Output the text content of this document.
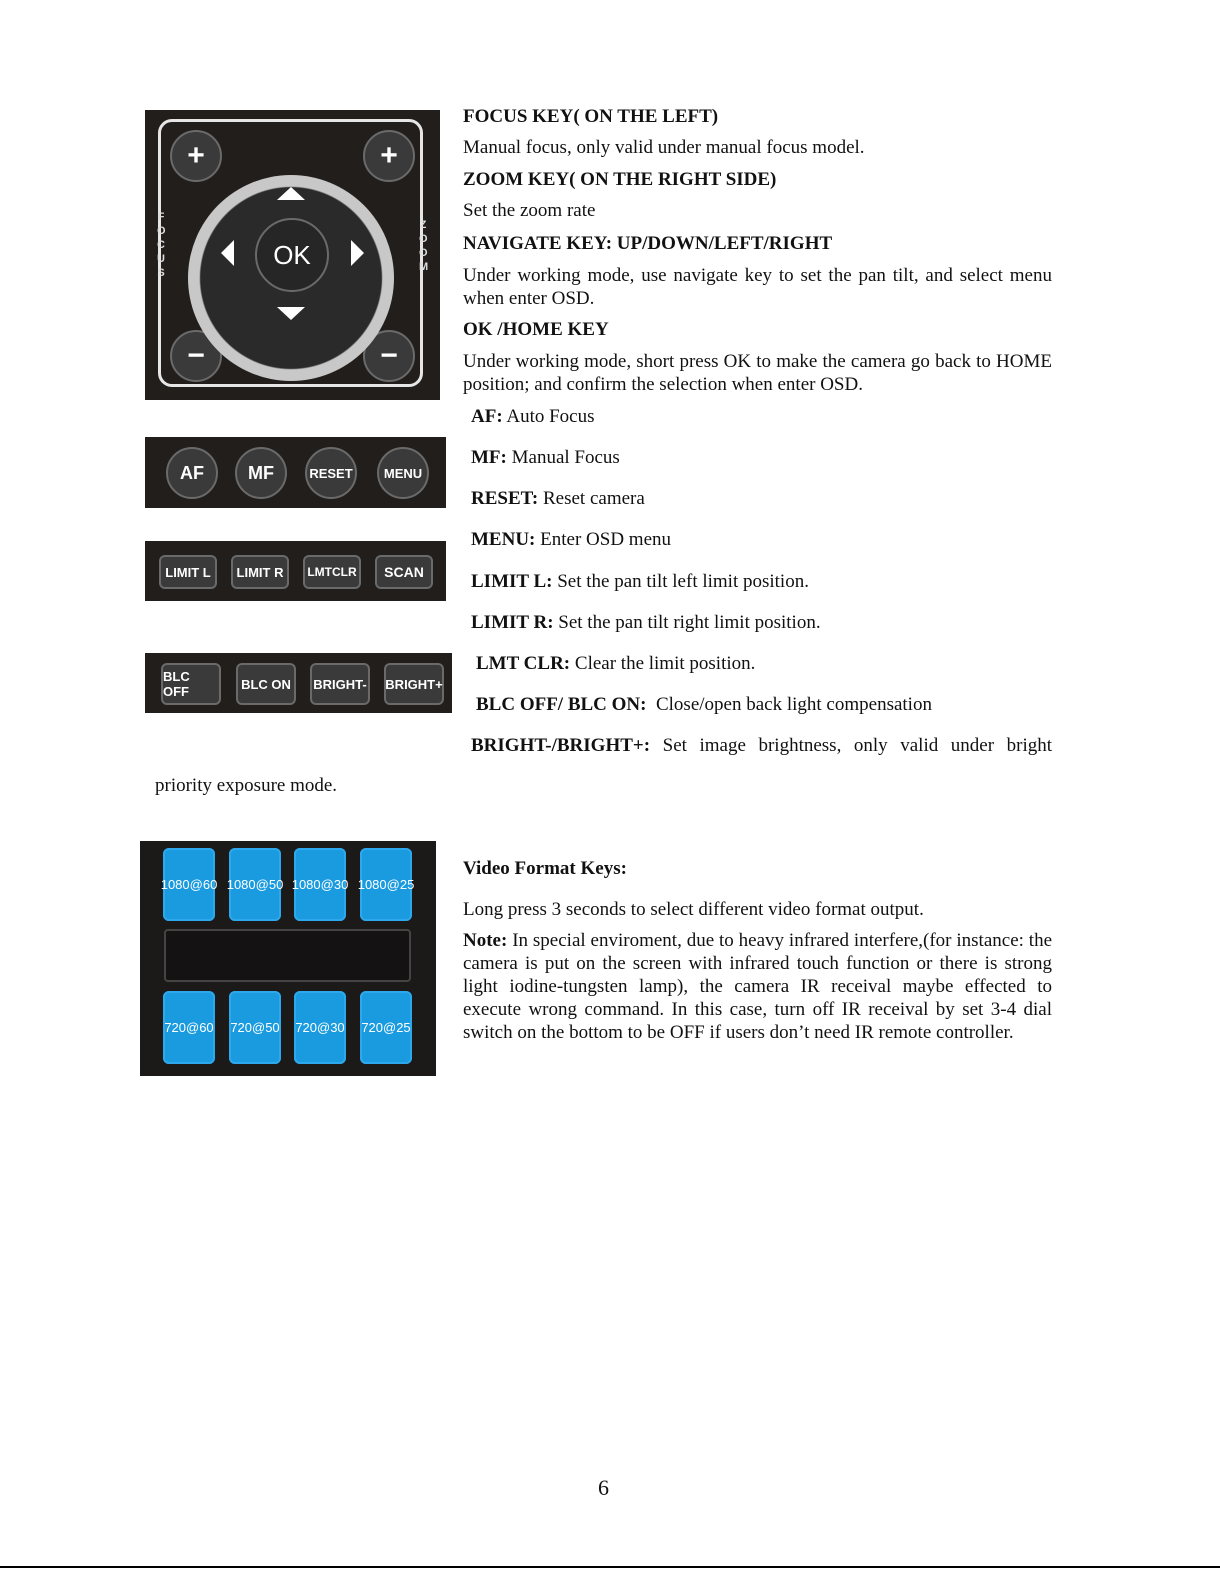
+	+
−	−
FOCUS
ZOOM
OK
AF	MF	RESET	MENU
LIMIT L	LIMIT R	LMTCLR	SCAN
BLC OFF	BLC ON	BRIGHT- BRIGHT+
1080@60 1080@50 1080@30 1080@25
720@60 720@50 720@30 720@25
FOCUS KEY( ON THE LEFT)
Manual focus, only valid under manual focus model.
ZOOM KEY( ON THE RIGHT SIDE)
Set the zoom rate
NAVIGATE KEY: UP/DOWN/LEFT/RIGHT
Under working mode, use navigate key to set the pan tilt, and select menu when enter OSD.
OK /HOME KEY
Under working mode, short press OK to make the camera go back to HOME position; and confirm the selection when enter OSD.
AF: Auto Focus
MF: Manual Focus
RESET: Reset camera
MENU: Enter OSD menu
LIMIT L: Set the pan tilt left limit position.
LIMIT R: Set the pan tilt right limit position.
LMT CLR: Clear the limit position.
BLC OFF/ BLC ON: Close/open back light compensation
BRIGHT-/BRIGHT+: Set image brightness, only valid under bright
priority exposure mode.
Video Format Keys:
Long press 3 seconds to select different video format output.
Note: In special enviroment, due to heavy infrared interfere,(for instance: the camera is put on the screen with infrared touch function or there is strong light iodine-tungsten lamp), the camera IR receival maybe effected to execute wrong command. In this case, turn off IR receival by set 3-4 dial switch on the bottom to be OFF if users don’t need IR remote controller.
6
